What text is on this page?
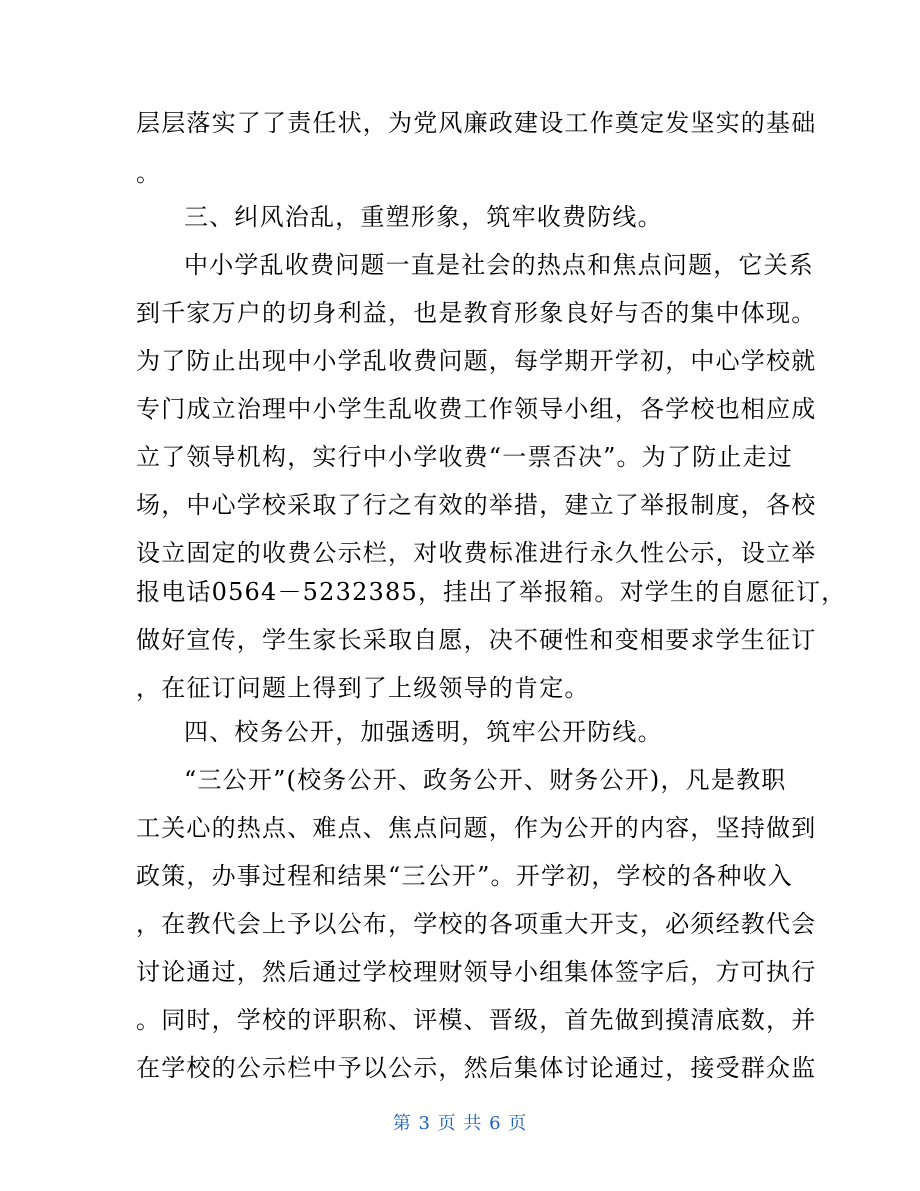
层层落实了了责任状，为党风廉政建设工作奠定发坚实的基础
。
三、纠风治乱，重塑形象，筑牢收费防线。
中小学乱收费问题一直是社会的热点和焦点问题，它关系
到千家万户的切身利益，也是教育形象良好与否的集中体现。
为了防止出现中小学乱收费问题，每学期开学初，中心学校就
专门成立治理中小学生乱收费工作领导小组，各学校也相应成
立了领导机构，实行中小学收费“一票否决”。为了防止走过
场，中心学校采取了行之有效的举措，建立了举报制度，各校
设立固定的收费公示栏，对收费标准进行永久性公示，设立举
报电话0564－5232385，挂出了举报箱。对学生的自愿征订，
做好宣传，学生家长采取自愿，决不硬性和变相要求学生征订
，在征订问题上得到了上级领导的肯定。
四、校务公开，加强透明，筑牢公开防线。
“三公开”(校务公开、政务公开、财务公开)，凡是教职
工关心的热点、难点、焦点问题，作为公开的内容，坚持做到
政策，办事过程和结果“三公开”。开学初，学校的各种收入
，在教代会上予以公布，学校的各项重大开支，必须经教代会
讨论通过，然后通过学校理财领导小组集体签字后，方可执行
。同时，学校的评职称、评模、晋级，首先做到摸清底数，并
在学校的公示栏中予以公示，然后集体讨论通过，接受群众监
第 3 页 共 6 页
